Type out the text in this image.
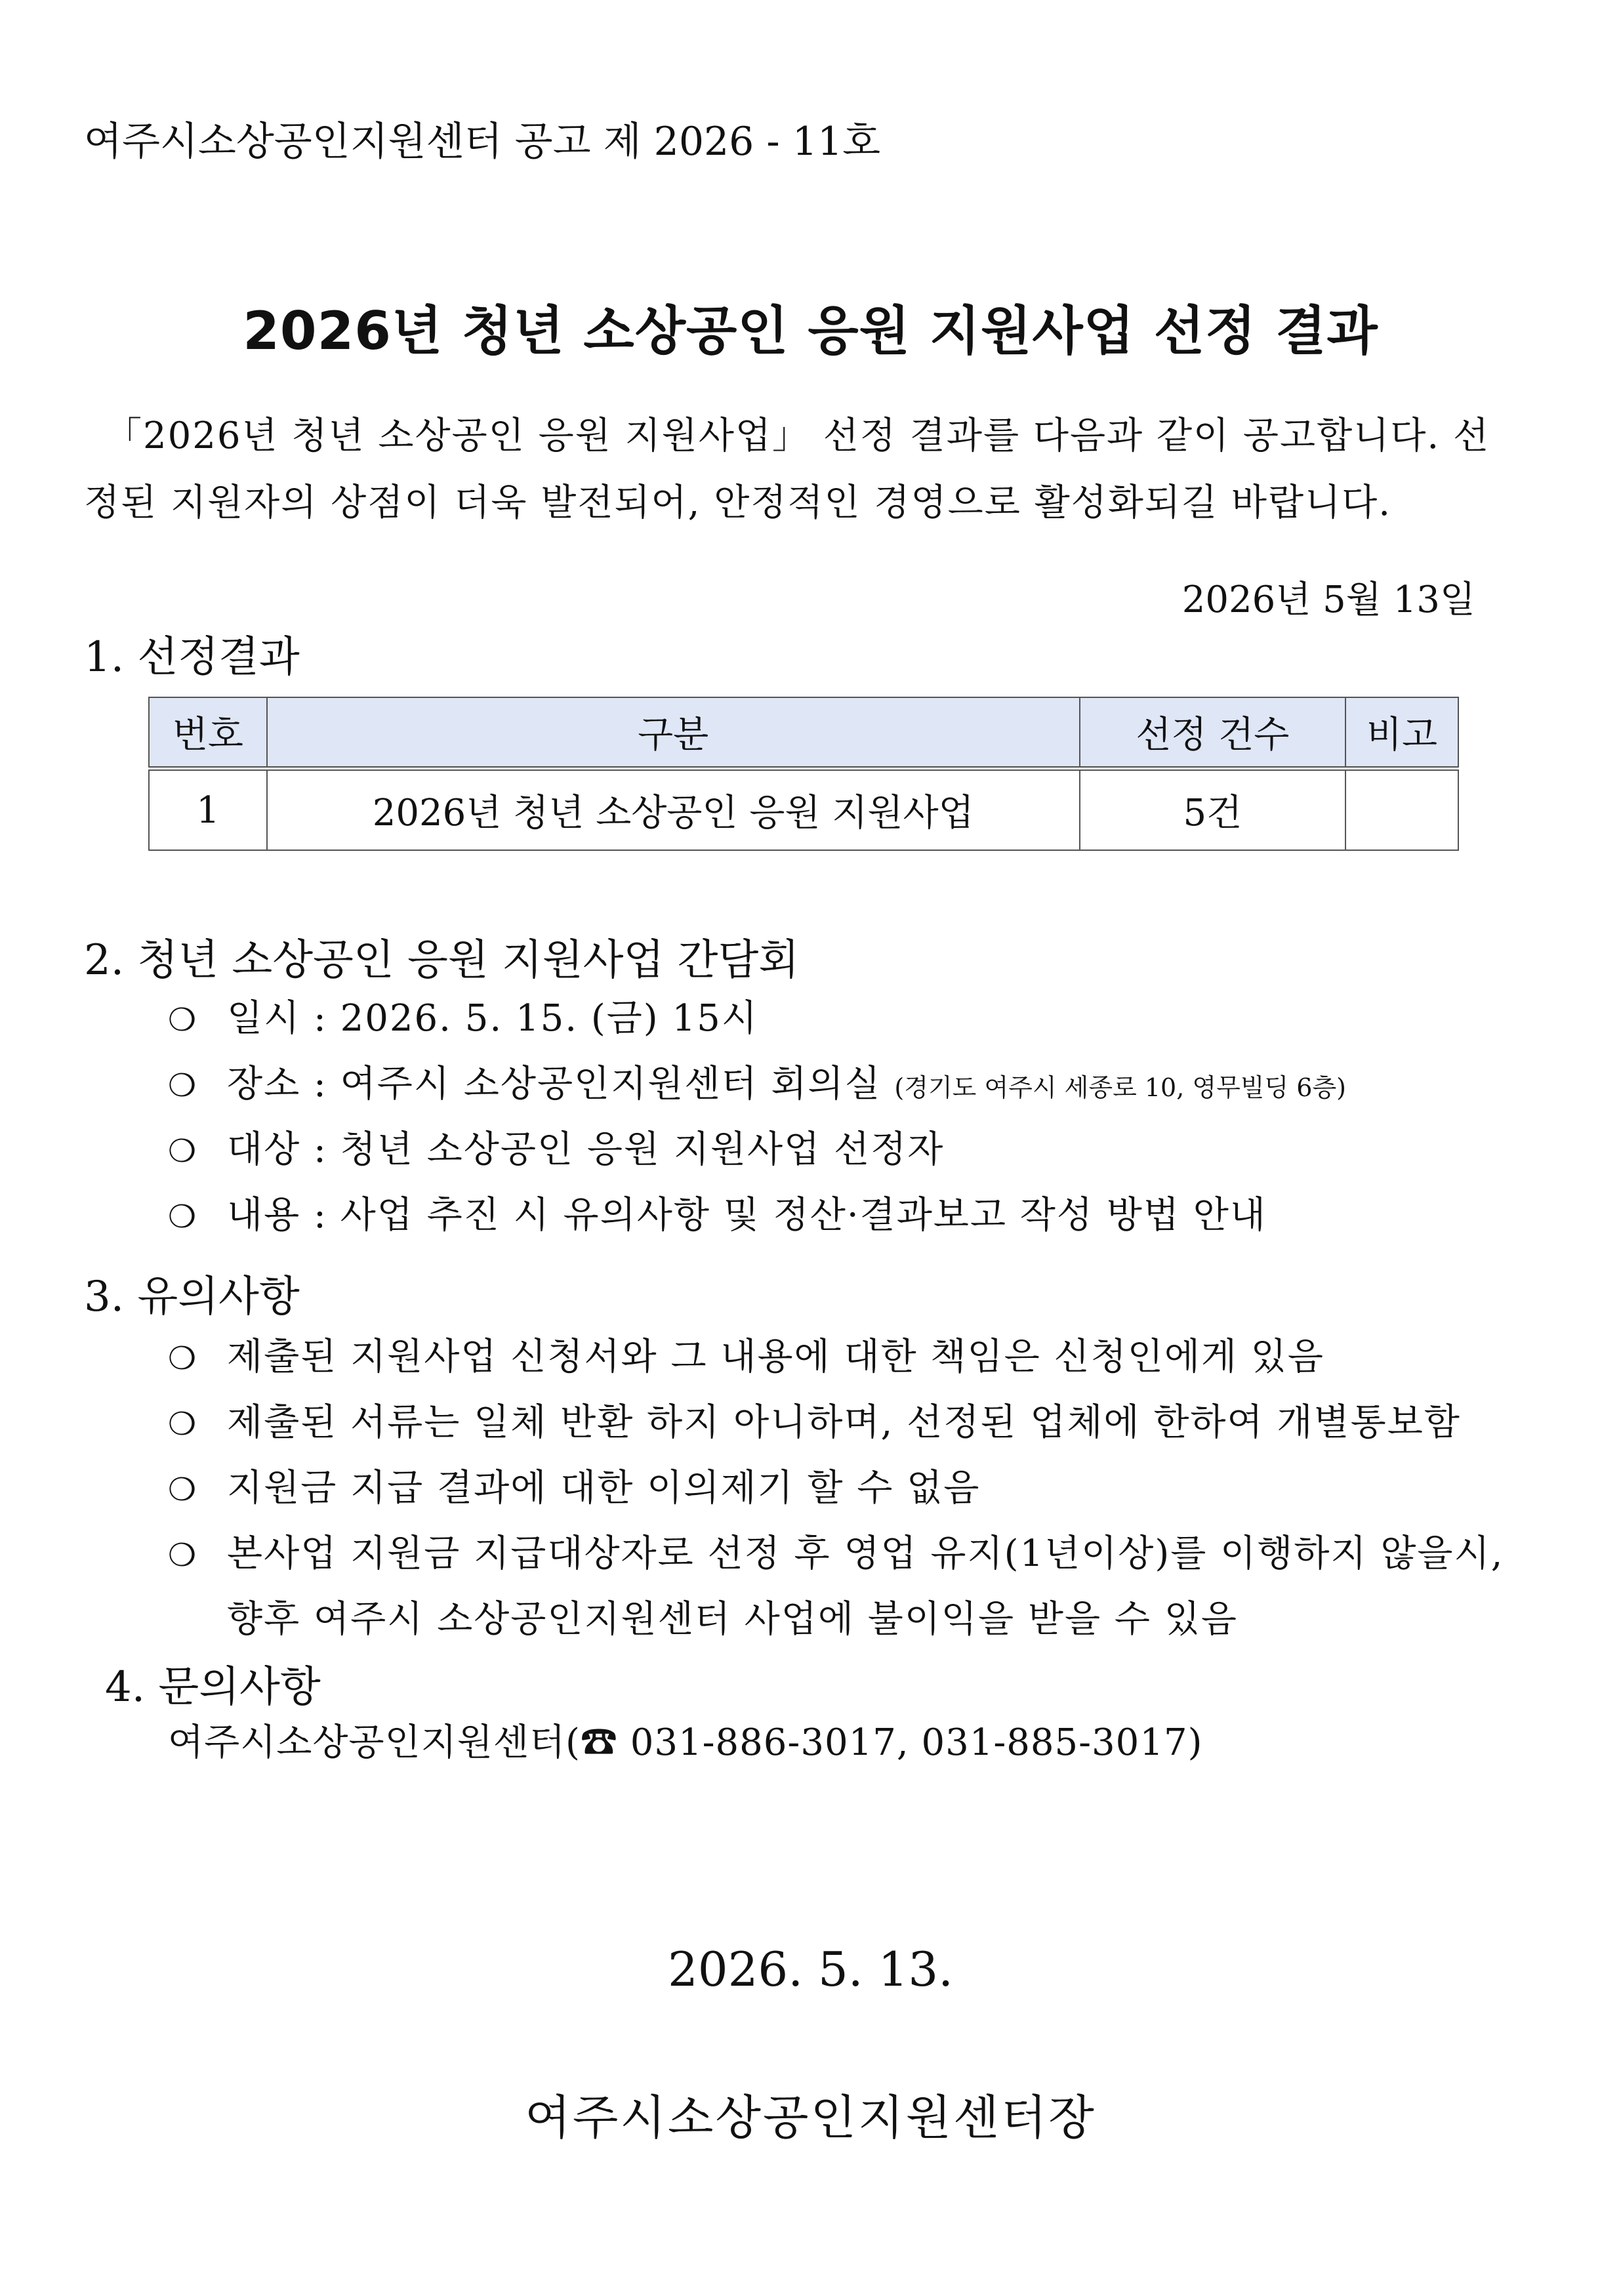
여주시소상공인지원센터 공고 제 2026 - 11호
2026년 청년 소상공인 응원 지원사업 선정 결과
「2026년 청년 소상공인 응원 지원사업」 선정 결과를 다음과 같이 공고합니다. 선
정된 지원자의 상점이 더욱 발전되어, 안정적인 경영으로 활성화되길 바랍니다.
2026년 5월 13일
1. 선정결과
번호	구분	선정 건수	비고
1	2026년 청년 소상공인 응원 지원사업	5건	
2. 청년 소상공인 응원 지원사업 간담회
❍ 일시 : 2026. 5. 15. (금) 15시
❍ 장소 : 여주시 소상공인지원센터 회의실 (경기도 여주시 세종로 10, 영무빌딩 6층)
❍ 대상 : 청년 소상공인 응원 지원사업 선정자
❍ 내용 : 사업 추진 시 유의사항 및 정산·결과보고 작성 방법 안내
3. 유의사항
❍ 제출된 지원사업 신청서와 그 내용에 대한 책임은 신청인에게 있음
❍ 제출된 서류는 일체 반환 하지 아니하며, 선정된 업체에 한하여 개별통보함
❍ 지원금 지급 결과에 대한 이의제기 할 수 없음
❍ 본사업 지원금 지급대상자로 선정 후 영업 유지(1년이상)를 이행하지 않을시,
향후 여주시 소상공인지원센터 사업에 불이익을 받을 수 있음
4. 문의사항
여주시소상공인지원센터(☎ 031-886-3017, 031-885-3017)
2026. 5. 13.
여주시소상공인지원센터장
